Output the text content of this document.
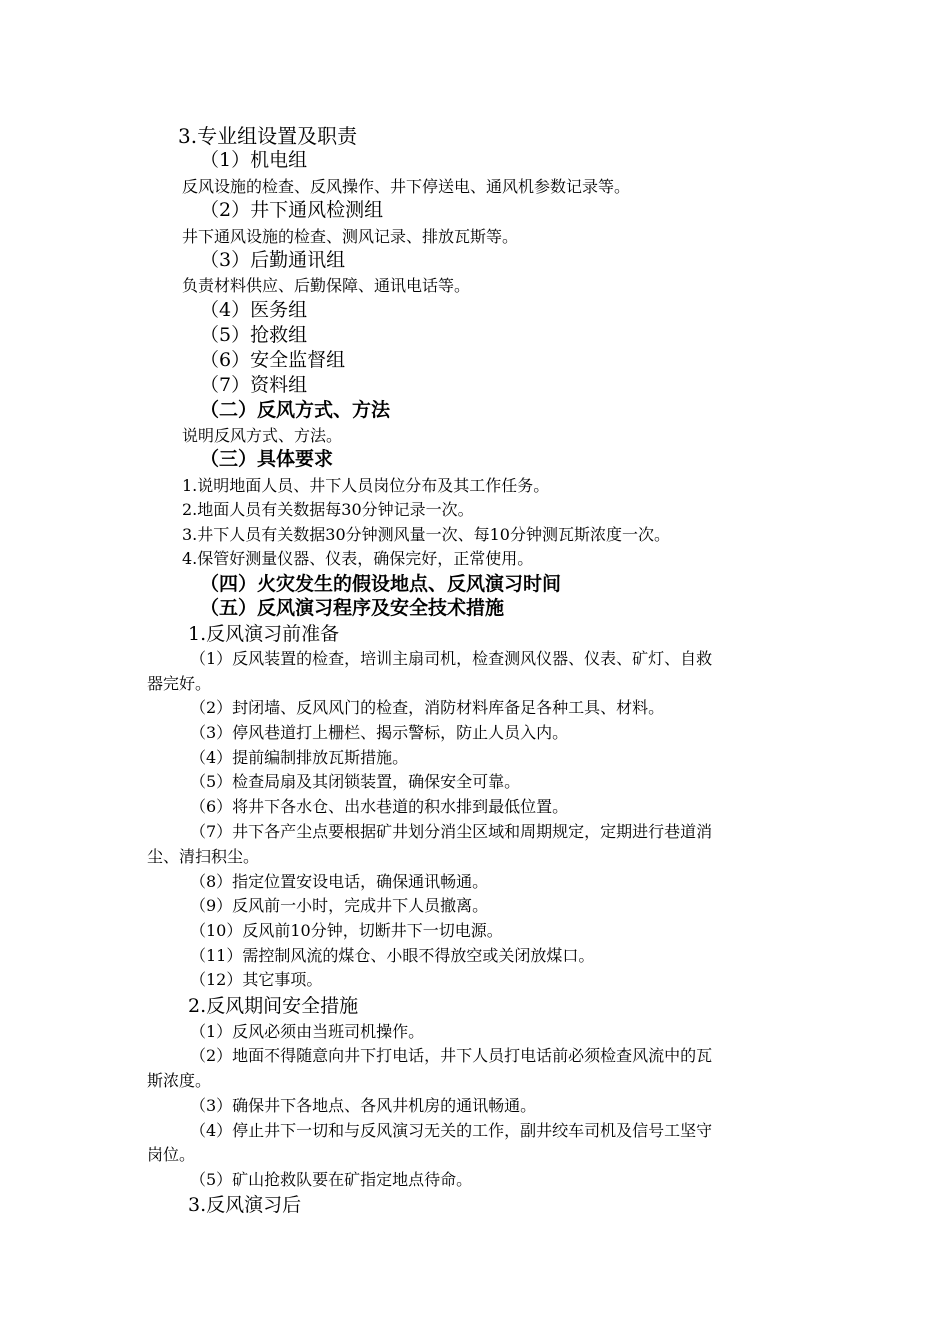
3.专业组设置及职责
（1）机电组
反风设施的检查、反风操作、井下停送电、通风机参数记录等。
（2）井下通风检测组
井下通风设施的检查、测风记录、排放瓦斯等。
（3）后勤通讯组
负责材料供应、后勤保障、通讯电话等。
（4）医务组
（5）抢救组
（6）安全监督组
（7）资料组
（二）反风方式、方法
说明反风方式、方法。
（三）具体要求
1.说明地面人员、井下人员岗位分布及其工作任务。
2.地面人员有关数据每30分钟记录一次。
3.井下人员有关数据30分钟测风量一次、每10分钟测瓦斯浓度一次。
4.保管好测量仪器、仪表，确保完好，正常使用。
（四）火灾发生的假设地点、反风演习时间
（五）反风演习程序及安全技术措施
1.反风演习前准备
（1）反风装置的检查，培训主扇司机，检查测风仪器、仪表、矿灯、自救
器完好。
（2）封闭墙、反风风门的检查，消防材料库备足各种工具、材料。
（3）停风巷道打上栅栏、揭示警标，防止人员入内。
（4）提前编制排放瓦斯措施。
（5）检查局扇及其闭锁装置，确保安全可靠。
（6）将井下各水仓、出水巷道的积水排到最低位置。
（7）井下各产尘点要根据矿井划分消尘区域和周期规定，定期进行巷道消
尘、清扫积尘。
（8）指定位置安设电话，确保通讯畅通。
（9）反风前一小时，完成井下人员撤离。
（10）反风前10分钟，切断井下一切电源。
（11）需控制风流的煤仓、小眼不得放空或关闭放煤口。
（12）其它事项。
2.反风期间安全措施
（1）反风必须由当班司机操作。
（2）地面不得随意向井下打电话，井下人员打电话前必须检查风流中的瓦
斯浓度。
（3）确保井下各地点、各风井机房的通讯畅通。
（4）停止井下一切和与反风演习无关的工作，副井绞车司机及信号工坚守
岗位。
（5）矿山抢救队要在矿指定地点待命。
3.反风演习后
